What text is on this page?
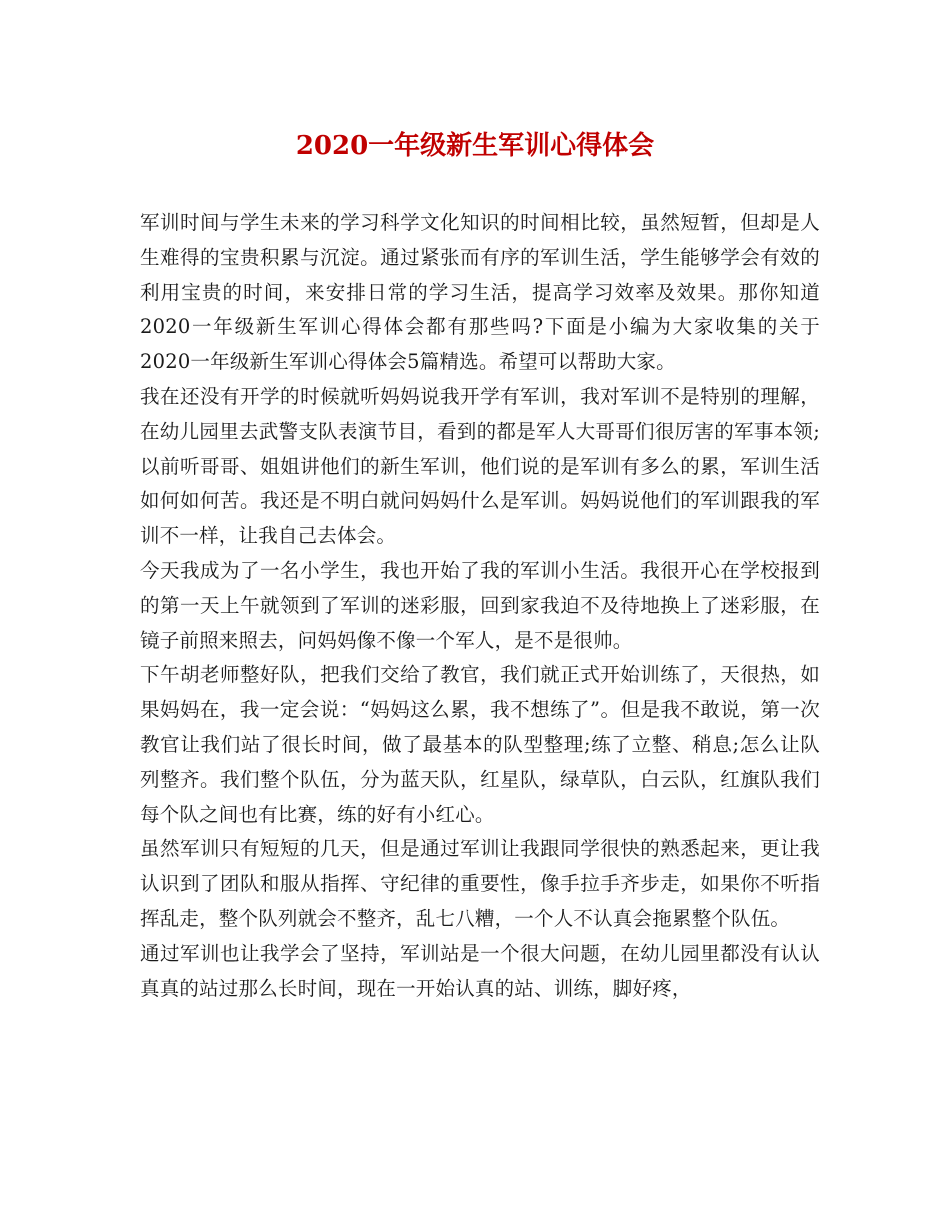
2020一年级新生军训心得体会

军训时间与学生未来的学习科学文化知识的时间相比较，虽然短暂，但却是人生难得的宝贵积累与沉淀。通过紧张而有序的军训生活，学生能够学会有效的利用宝贵的时间，来安排日常的学习生活，提高学习效率及效果。那你知道2020一年级新生军训心得体会都有那些吗?下面是小编为大家收集的关于2020一年级新生军训心得体会5篇精选。希望可以帮助大家。

我在还没有开学的时候就听妈妈说我开学有军训，我对军训不是特别的理解，在幼儿园里去武警支队表演节目，看到的都是军人大哥哥们很厉害的军事本领;以前听哥哥、姐姐讲他们的新生军训，他们说的是军训有多么的累，军训生活如何如何苦。我还是不明白就问妈妈什么是军训。妈妈说他们的军训跟我的军训不一样，让我自己去体会。

今天我成为了一名小学生，我也开始了我的军训小生活。我很开心在学校报到的第一天上午就领到了军训的迷彩服，回到家我迫不及待地换上了迷彩服，在镜子前照来照去，问妈妈像不像一个军人，是不是很帅。

下午胡老师整好队，把我们交给了教官，我们就正式开始训练了，天很热，如果妈妈在，我一定会说：“妈妈这么累，我不想练了”。但是我不敢说，第一次教官让我们站了很长时间，做了最基本的队型整理;练了立整、稍息;怎么让队列整齐。我们整个队伍，分为蓝天队，红星队，绿草队，白云队，红旗队我们每个队之间也有比赛，练的好有小红心。

虽然军训只有短短的几天，但是通过军训让我跟同学很快的熟悉起来，更让我认识到了团队和服从指挥、守纪律的重要性，像手拉手齐步走，如果你不听指挥乱走，整个队列就会不整齐，乱七八糟，一个人不认真会拖累整个队伍。

通过军训也让我学会了坚持，军训站是一个很大问题，在幼儿园里都没有认认真真的站过那么长时间，现在一开始认真的站、训练，脚好疼，
